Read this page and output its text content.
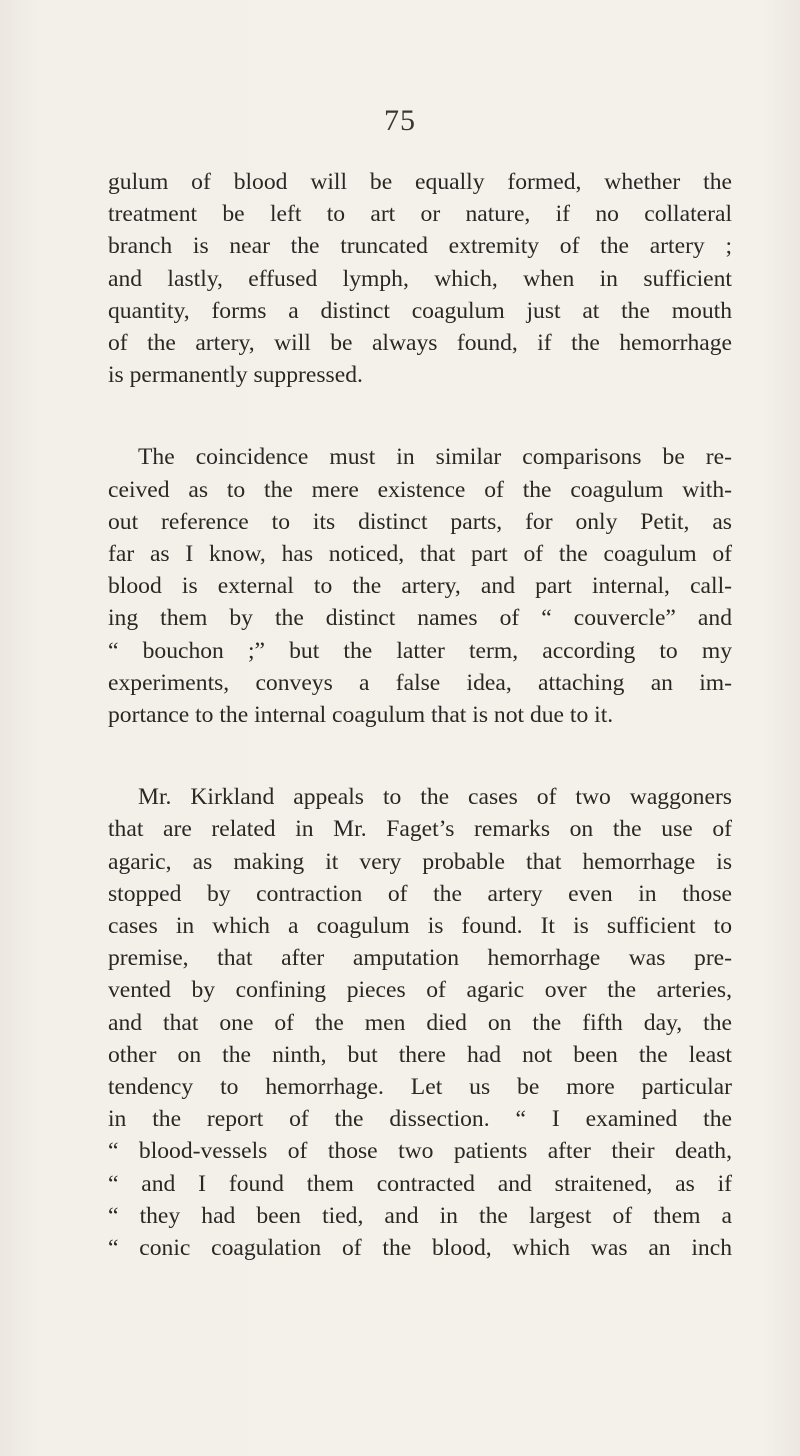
75

gulum of blood will be equally formed, whether the
treatment be left to art or nature, if no collateral
branch is near the truncated extremity of the artery ;
and lastly, effused lymph, which, when in sufficient
quantity, forms a distinct coagulum just at the mouth
of the artery, will be always found, if the hemorrhage
is permanently suppressed.

The coincidence must in similar comparisons be re-
ceived as to the mere existence of the coagulum with-
out reference to its distinct parts, for only Petit, as
far as I know, has noticed, that part of the coagulum of
blood is external to the artery, and part internal, call-
ing them by the distinct names of “ couvercle” and
“ bouchon ;” but the latter term, according to my
experiments, conveys a false idea, attaching an im-
portance to the internal coagulum that is not due to it.

Mr. Kirkland appeals to the cases of two waggoners
that are related in Mr. Faget’s remarks on the use of
agaric, as making it very probable that hemorrhage is
stopped by contraction of the artery even in those
cases in which a coagulum is found. It is sufficient to
premise, that after amputation hemorrhage was pre-
vented by confining pieces of agaric over the arteries,
and that one of the men died on the fifth day, the
other on the ninth, but there had not been the least
tendency to hemorrhage. Let us be more particular
in the report of the dissection. “ I examined the
“ blood-vessels of those two patients after their death,
“ and I found them contracted and straitened, as if
“ they had been tied, and in the largest of them a
“ conic coagulation of the blood, which was an inch
